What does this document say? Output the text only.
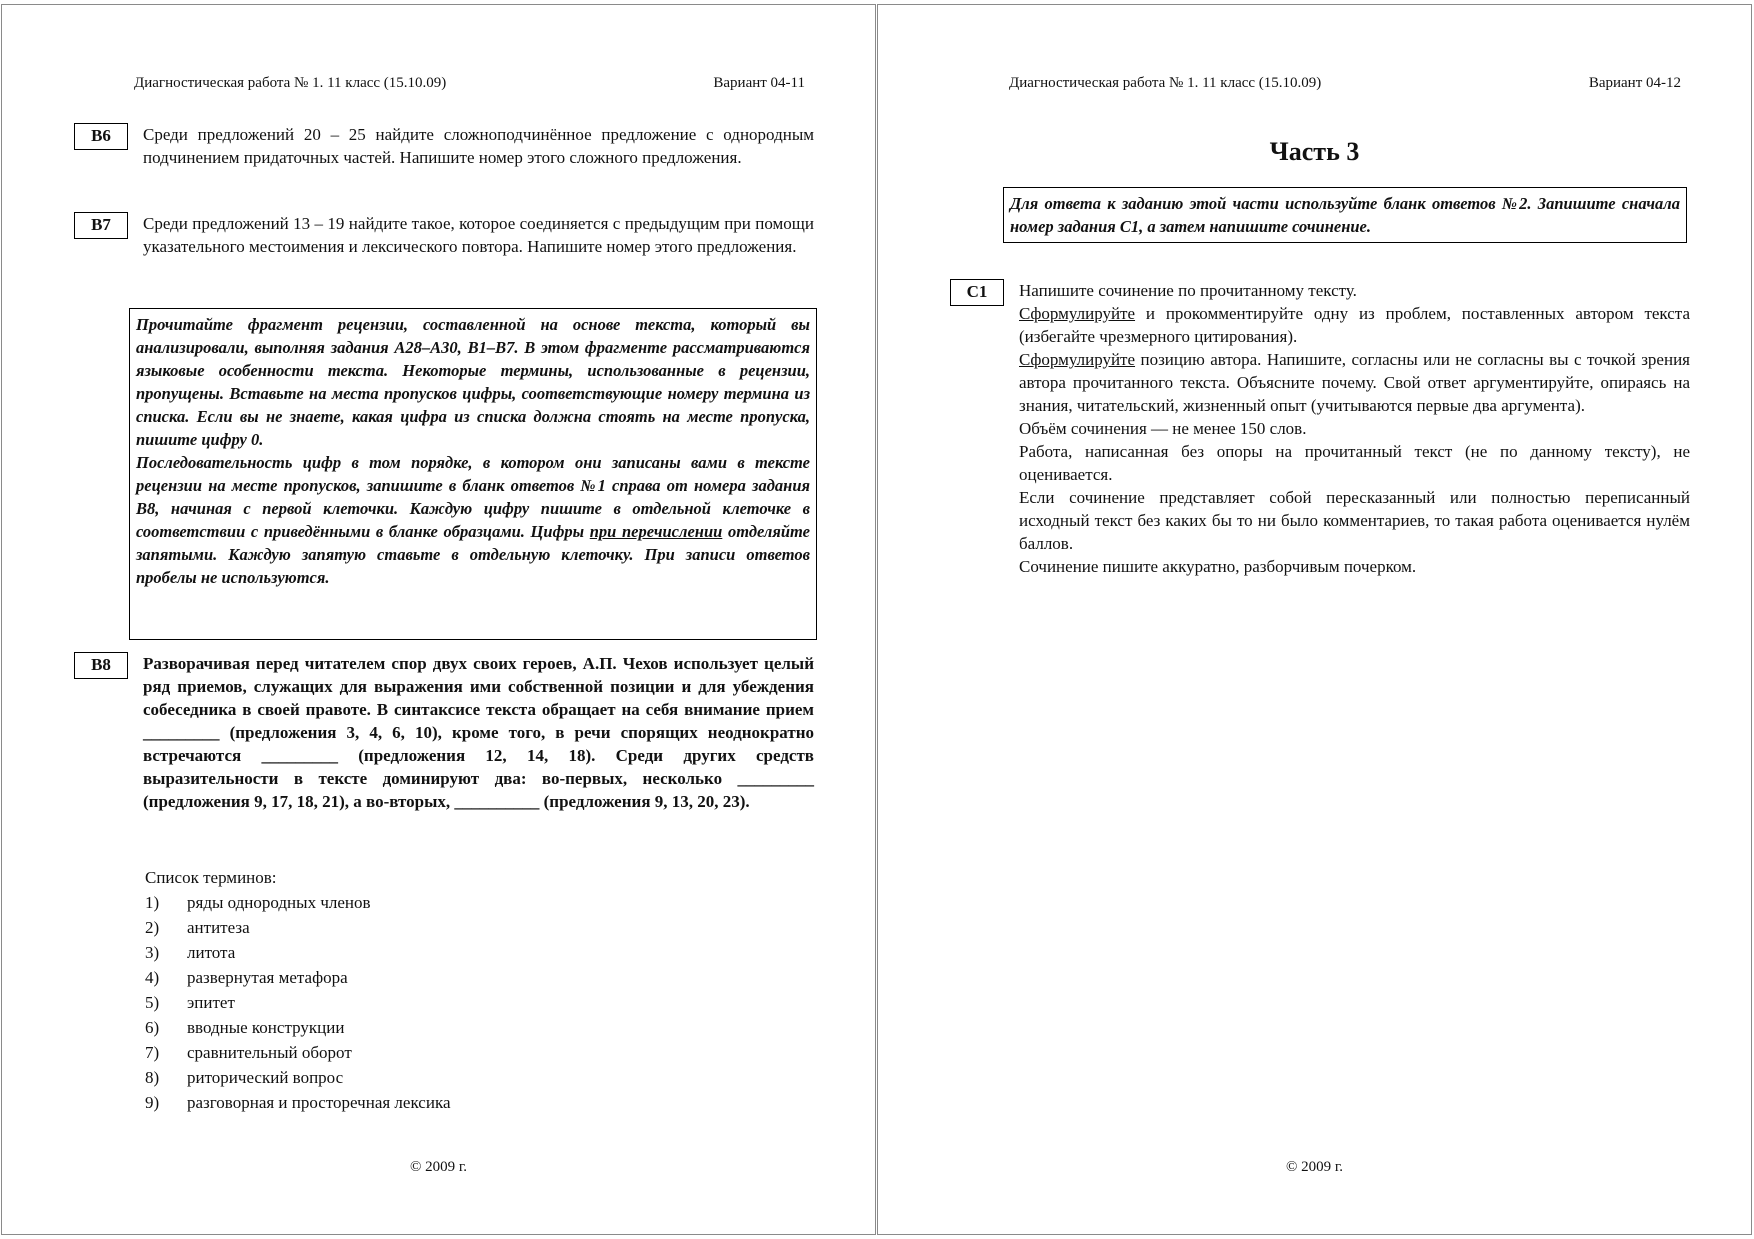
Диагностическая работа № 1. 11 класс (15.10.09)	Вариант 04-11
В6	Среди предложений 20 – 25 найдите сложноподчинённое предложение с однородным подчинением придаточных частей. Напишите номер этого сложного предложения.
В7	Среди предложений 13 – 19 найдите такое, которое соединяется с предыдущим при помощи указательного местоимения и лексического повтора. Напишите номер этого предложения.

Прочитайте фрагмент рецензии, составленной на основе текста, который вы анализировали, выполняя задания А28–А30, В1–В7. В этом фрагменте рассматриваются языковые особенности текста. Некоторые термины, использованные в рецензии, пропущены. Вставьте на места пропусков цифры, соответствующие номеру термина из списка. Если вы не знаете, какая цифра из списка должна стоять на месте пропуска, пишите цифру 0.

Последовательность цифр в том порядке, в котором они записаны вами в тексте рецензии на месте пропусков, запишите в бланк ответов №1 справа от номера задания В8, начиная с первой клеточки. Каждую цифру пишите в отдельной клеточке в соответствии с приведёнными в бланке образцами. Цифры при перечислении отделяйте запятыми. Каждую запятую ставьте в отдельную клеточку. При записи ответов пробелы не используются.

В8	Разворачивая перед читателем спор двух своих героев, А.П. Чехов использует целый ряд приемов, служащих для выражения ими собственной позиции и для убеждения собеседника в своей правоте. В синтаксисе текста обращает на себя внимание прием _________ (предложения 3, 4, 6, 10), кроме того, в речи спорящих неоднократно встречаются _________ (предложения 12, 14, 18). Среди других средств выразительности в тексте доминируют два: во-первых, несколько _________ (предложения 9, 17, 18, 21), а во-вторых, __________ (предложения 9, 13, 20, 23).
Список терминов:
1)	ряды однородных членов
2)	антитеза
3)	литота
4)	развернутая метафора
5)	эпитет
6)	вводные конструкции
7)	сравнительный оборот
8)	риторический вопрос
9)	разговорная и просторечная лексика
© 2009 г.
Диагностическая работа № 1. 11 класс (15.10.09)	Вариант 04-12
Часть 3
Для ответа к заданию этой части используйте бланк ответов №2. Запишите сначала номер задания С1, а затем напишите сочинение.
С1	Напишите сочинение по прочитанному тексту.
Сформулируйте и прокомментируйте одну из проблем, поставленных автором текста (избегайте чрезмерного цитирования).
Сформулируйте позицию автора. Напишите, согласны или не согласны вы с точкой зрения автора прочитанного текста. Объясните почему. Свой ответ аргументируйте, опираясь на знания, читательский, жизненный опыт (учитываются первые два аргумента).
Объём сочинения — не менее 150 слов.
Работа, написанная без опоры на прочитанный текст (не по данному тексту), не оценивается.
Если сочинение представляет собой пересказанный или полностью переписанный исходный текст без каких бы то ни было комментариев, то такая работа оценивается нулём баллов.
Сочинение пишите аккуратно, разборчивым почерком.
© 2009 г.
